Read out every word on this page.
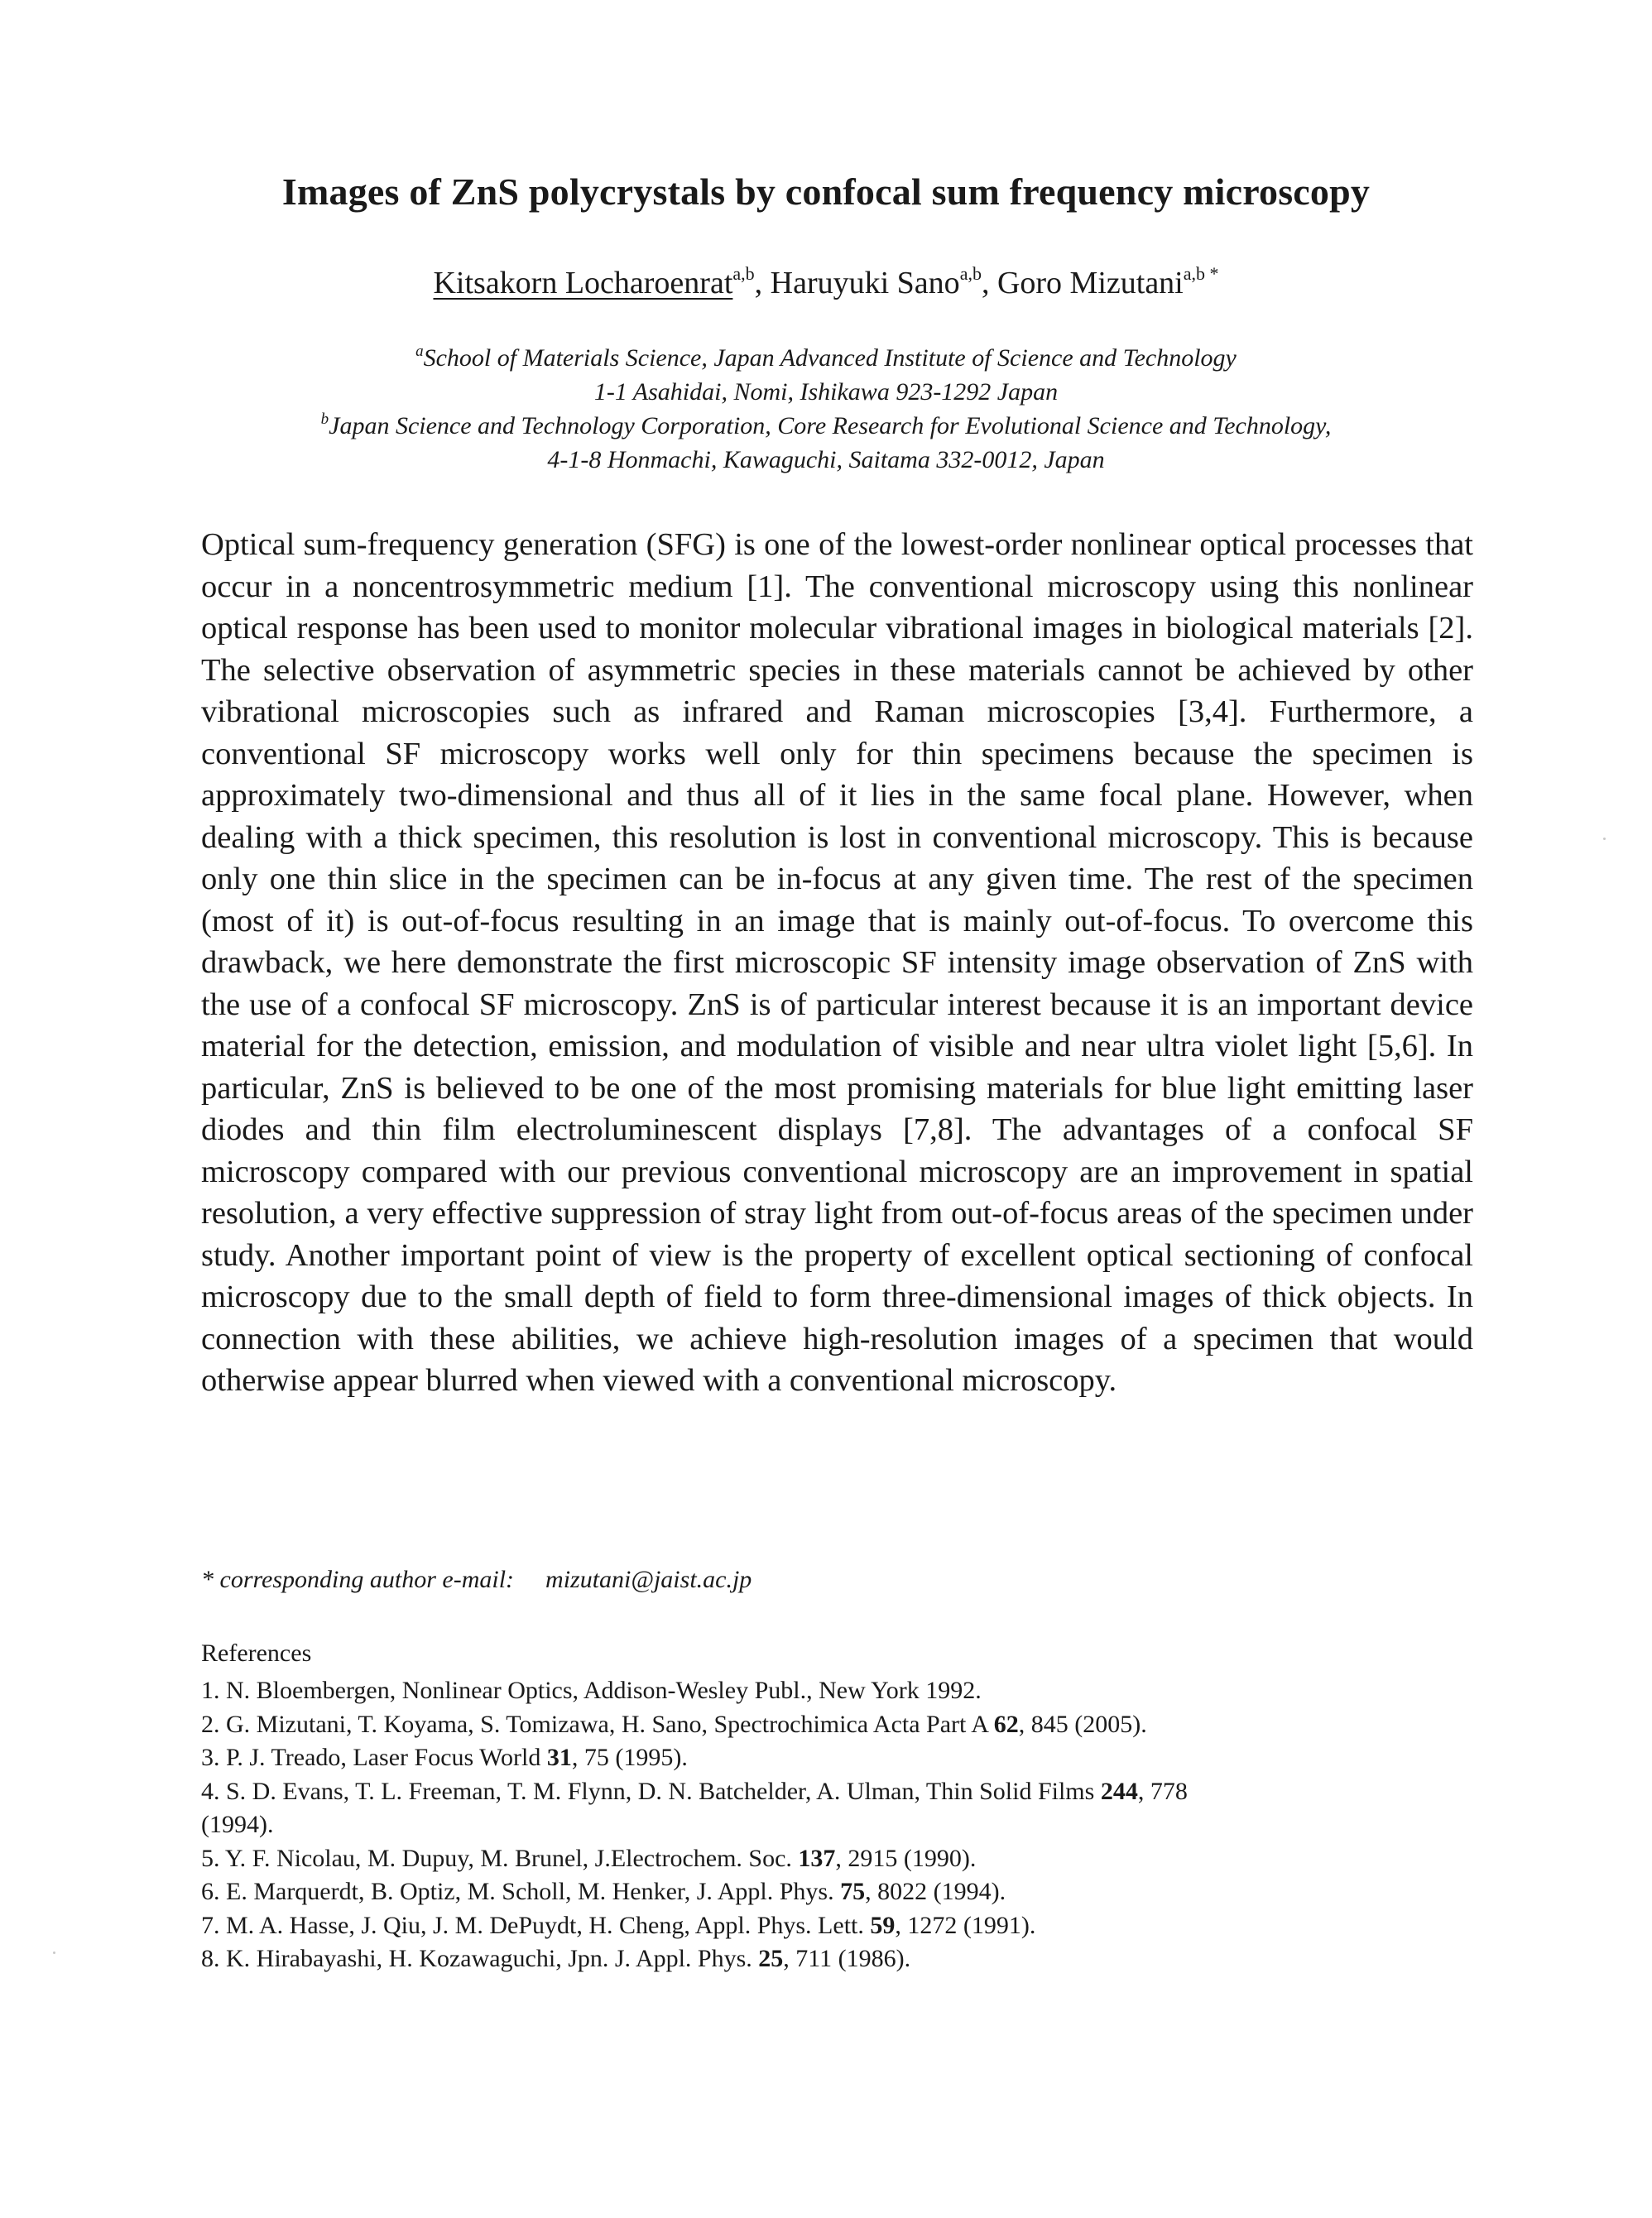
Images of ZnS polycrystals by confocal sum frequency microscopy

Kitsakorn Locharoenrat$^{a,b}$, Haruyuki Sano$^{a,b}$, Goro Mizutani$^{a,b *}$

$^a$School of Materials Science, Japan Advanced Institute of Science and Technology
1-1 Asahidai, Nomi, Ishikawa 923-1292 Japan
$^b$Japan Science and Technology Corporation, Core Research for Evolutional Science and Technology,
4-1-8 Honmachi, Kawaguchi, Saitama 332-0012, Japan

Optical sum-frequency generation (SFG) is one of the lowest-order nonlinear optical processes that occur in a noncentrosymmetric medium [1]. The conventional microscopy using this nonlinear optical response has been used to monitor molecular vibrational images in biological materials [2]. The selective observation of asymmetric species in these materials cannot be achieved by other vibrational microscopies such as infrared and Raman microscopies [3,4]. Furthermore, a conventional SF microscopy works well only for thin specimens because the specimen is approximately two-dimensional and thus all of it lies in the same focal plane. However, when dealing with a thick specimen, this resolution is lost in conventional microscopy. This is because only one thin slice in the specimen can be in-focus at any given time. The rest of the specimen (most of it) is out-of-focus resulting in an image that is mainly out-of-focus. To overcome this drawback, we here demonstrate the first microscopic SF intensity image observation of ZnS with the use of a confocal SF microscopy. ZnS is of particular interest because it is an important device material for the detection, emission, and modulation of visible and near ultra violet light [5,6]. In particular, ZnS is believed to be one of the most promising materials for blue light emitting laser diodes and thin film electroluminescent displays [7,8]. The advantages of a confocal SF microscopy compared with our previous conventional microscopy are an improvement in spatial resolution, a very effective suppression of stray light from out-of-focus areas of the specimen under study. Another important point of view is the property of excellent optical sectioning of confocal microscopy due to the small depth of field to form three-dimensional images of thick objects. In connection with these abilities, we achieve high-resolution images of a specimen that would otherwise appear blurred when viewed with a conventional microscopy.

* corresponding author e-mail: mizutani@jaist.ac.jp

References

1. N. Bloembergen, Nonlinear Optics, Addison-Wesley Publ., New York 1992.
2. G. Mizutani, T. Koyama, S. Tomizawa, H. Sano, Spectrochimica Acta Part A 62, 845 (2005).
3. P. J. Treado, Laser Focus World 31, 75 (1995).
4. S. D. Evans, T. L. Freeman, T. M. Flynn, D. N. Batchelder, A. Ulman, Thin Solid Films 244, 778
(1994).
5. Y. F. Nicolau, M. Dupuy, M. Brunel, J.Electrochem. Soc. 137, 2915 (1990).
6. E. Marquerdt, B. Optiz, M. Scholl, M. Henker, J. Appl. Phys. 75, 8022 (1994).
7. M. A. Hasse, J. Qiu, J. M. DePuydt, H. Cheng, Appl. Phys. Lett. 59, 1272 (1991).
8. K. Hirabayashi, H. Kozawaguchi, Jpn. J. Appl. Phys. 25, 711 (1986).
